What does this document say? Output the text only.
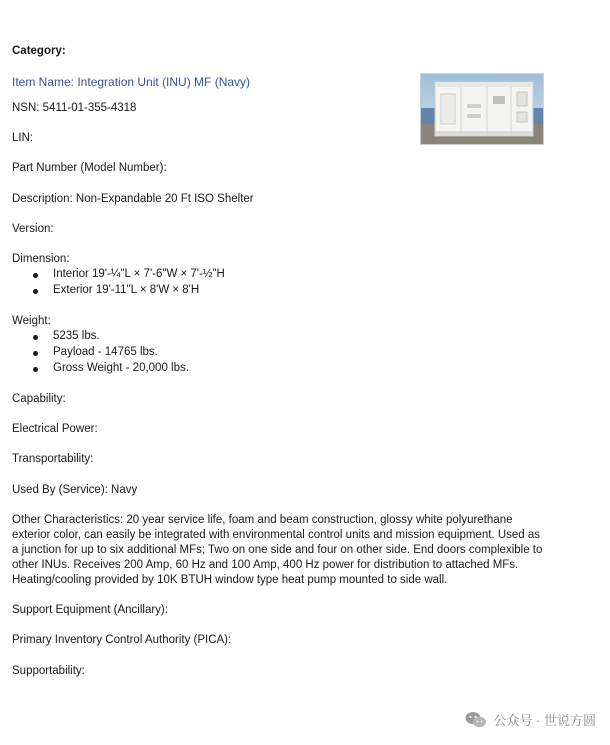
Category:
Item Name: Integration Unit (INU) MF (Navy)
NSN: 5411-01-355-4318
LIN:
Part Number (Model Number):
Description: Non-Expandable 20 Ft ISO Shelter
Version:
Dimension:
Interior 19'-¼"L × 7'-6"W × 7'-½"H
Exterior 19'-11"L × 8'W × 8'H
Weight:
5235 lbs.
Payload - 14765 lbs.
Gross Weight - 20,000 lbs.
Capability:
Electrical Power:
Transportability:
Used By (Service): Navy
Other Characteristics: 20 year service life, foam and beam construction, glossy white polyurethane exterior color, can easily be integrated with environmental control units and mission equipment. Used as a junction for up to six additional MFs; Two on one side and four on other side. End doors complexible to other INUs. Receives 200 Amp, 60 Hz and 100 Amp, 400 Hz power for distribution to attached MFs. Heating/cooling provided by 10K BTUH window type heat pump mounted to side wall.
Support Equipment (Ancillary):
Primary Inventory Control Authority (PICA):
Supportability:
公众号 · 世说方圆
